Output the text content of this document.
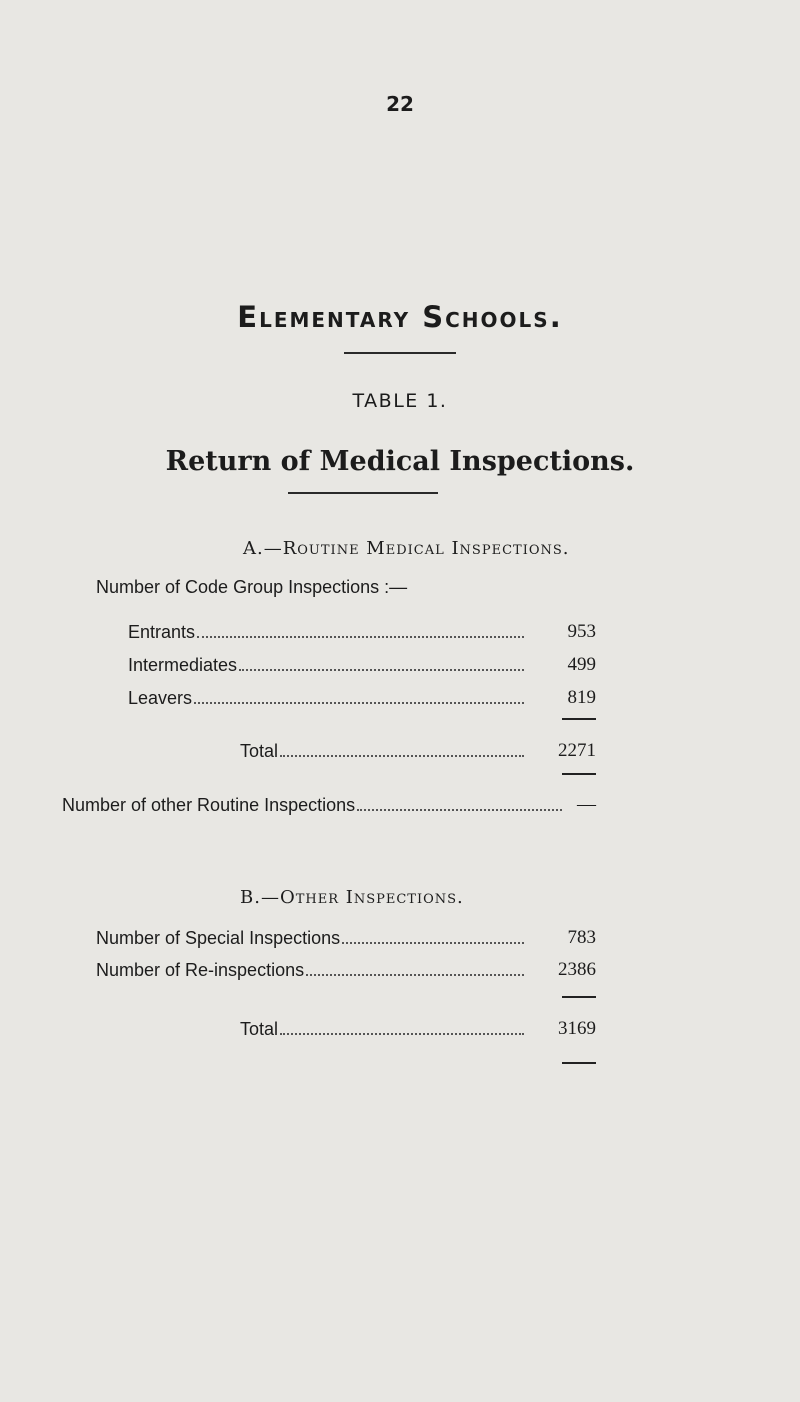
22
Elementary Schools.
TABLE 1.
Return of Medical Inspections.
A.—Routine Medical Inspections.
Number of Code Group Inspections :—
Entrants	953
Intermediates	499
Leavers	819
Total	2271
Number of other Routine Inspections	—
B.—Other Inspections.
Number of Special Inspections	783
Number of Re-inspections	2386
Total	3169
